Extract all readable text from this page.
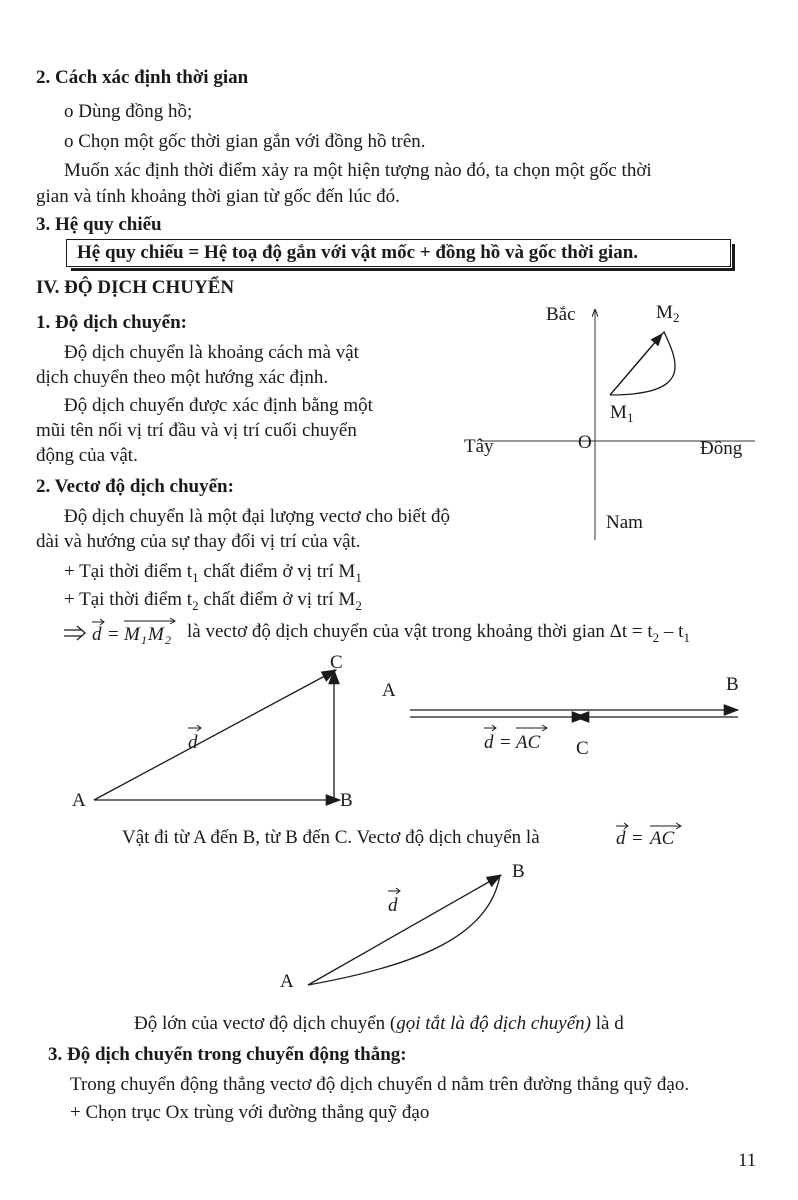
2. Cách xác định thời gian
o Dùng đồng hồ;
o Chọn một gốc thời gian gắn với đồng hồ trên.
Muốn xác định thời điểm xảy ra một hiện tượng nào đó, ta chọn một gốc thời
gian và tính khoảng thời gian từ gốc đến lúc đó.
3. Hệ quy chiếu
Hệ quy chiếu = Hệ toạ độ gắn với vật mốc + đồng hồ và gốc thời gian.
IV. ĐỘ DỊCH CHUYỂN
1. Độ dịch chuyển:
Độ dịch chuyển là khoảng cách mà vật
dịch chuyển theo một hướng xác định.
Độ dịch chuyển được xác định bằng một
mũi tên nối vị trí đầu và vị trí cuối chuyển
động của vật.
2. Vectơ độ dịch chuyển:
Độ dịch chuyển là một đại lượng vectơ cho biết độ
dài và hướng của sự thay đổi vị trí của vật.
+ Tại thời điểm $t_1$ chất điểm ở vị trí $M_1$
+ Tại thời điểm $t_2$ chất điểm ở vị trí $M_2$
d = M 1 M 2 là vectơ độ dịch chuyển của vật trong khoảng thời gian $\Delta t = t_2 - t_1$
Bắc	M 2
M 1
Tây	O	Đông
Nam
A	B
C
d
A	B
C
d = AC
Vật đi từ A đến B, từ B đến C. Vectơ độ dịch chuyển là	d = AC
A
B
d
Độ lớn của vectơ độ dịch chuyển (gọi tắt là độ dịch chuyển) là d
3. Độ dịch chuyển trong chuyển động thẳng:
Trong chuyển động thẳng vectơ độ dịch chuyển d nằm trên đường thẳng quỹ đạo.
+ Chọn trục Ox trùng với đường thẳng quỹ đạo
11
